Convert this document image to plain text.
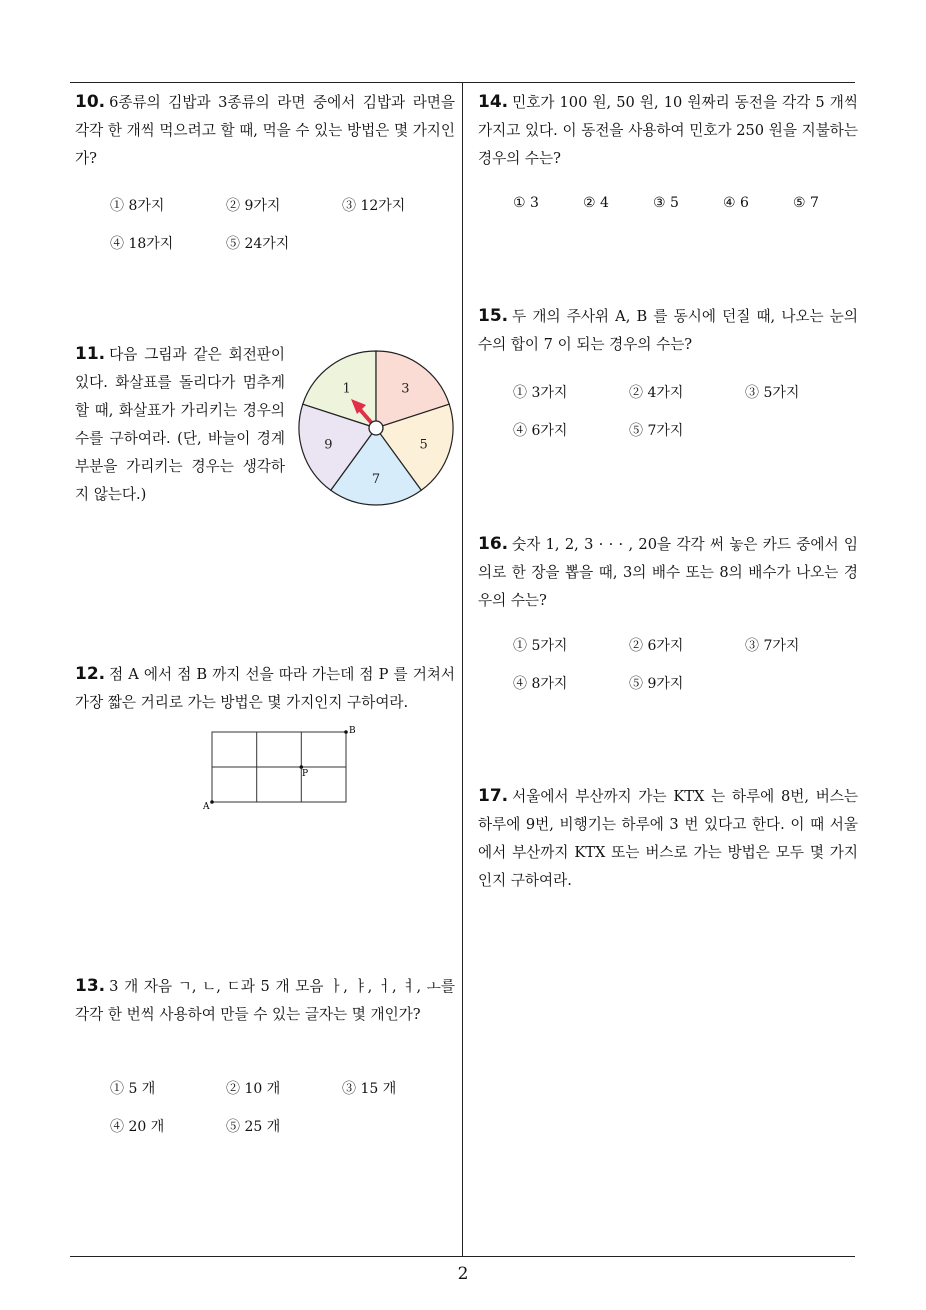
10. 6종류의 김밥과 3종류의 라면 중에서 김밥과 라면을 각각 한 개씩 먹으려고 할 때, 먹을 수 있는 방법은 몇 가지인가?
① 8가지	② 9가지	③ 12가지
④ 18가지	⑤ 24가지
11. 다음 그림과 같은 회전판이 있다. 화살표를 돌리다가 멈추게 할 때, 화살표가 가리키는 경우의 수를 구하여라. (단, 바늘이 경계 부분을 가리키는 경우는 생각하지 않는다.)
1	3
5
7
9
12. 점 A 에서 점 B 까지 선을 따라 가는데 점 P 를 거쳐서 가장 짧은 거리로 가는 방법은 몇 가지인지 구하여라.
A
B
P
13. 3 개 자음 ㄱ, ㄴ, ㄷ과 5 개 모음 ㅏ, ㅑ, ㅓ, ㅕ, ㅗ를 각각 한 번씩 사용하여 만들 수 있는 글자는 몇 개인가?
① 5 개	② 10 개	③ 15 개
④ 20 개	⑤ 25 개
14. 민호가 100 원, 50 원, 10 원짜리 동전을 각각 5 개씩 가지고 있다. 이 동전을 사용하여 민호가 250 원을 지불하는 경우의 수는?
① 3	② 4	③ 5	④ 6	⑤ 7
15. 두 개의 주사위 A, B 를 동시에 던질 때, 나오는 눈의 수의 합이 7 이 되는 경우의 수는?
① 3가지	② 4가지	③ 5가지
④ 6가지	⑤ 7가지
16. 숫자 1, 2, 3 · · · , 20을 각각 써 놓은 카드 중에서 임의로 한 장을 뽑을 때, 3의 배수 또는 8의 배수가 나오는 경우의 수는?
① 5가지	② 6가지	③ 7가지
④ 8가지	⑤ 9가지
17. 서울에서 부산까지 가는 KTX 는 하루에 8번, 버스는 하루에 9번, 비행기는 하루에 3 번 있다고 한다. 이 때 서울에서 부산까지 KTX 또는 버스로 가는 방법은 모두 몇 가지인지 구하여라.
2
